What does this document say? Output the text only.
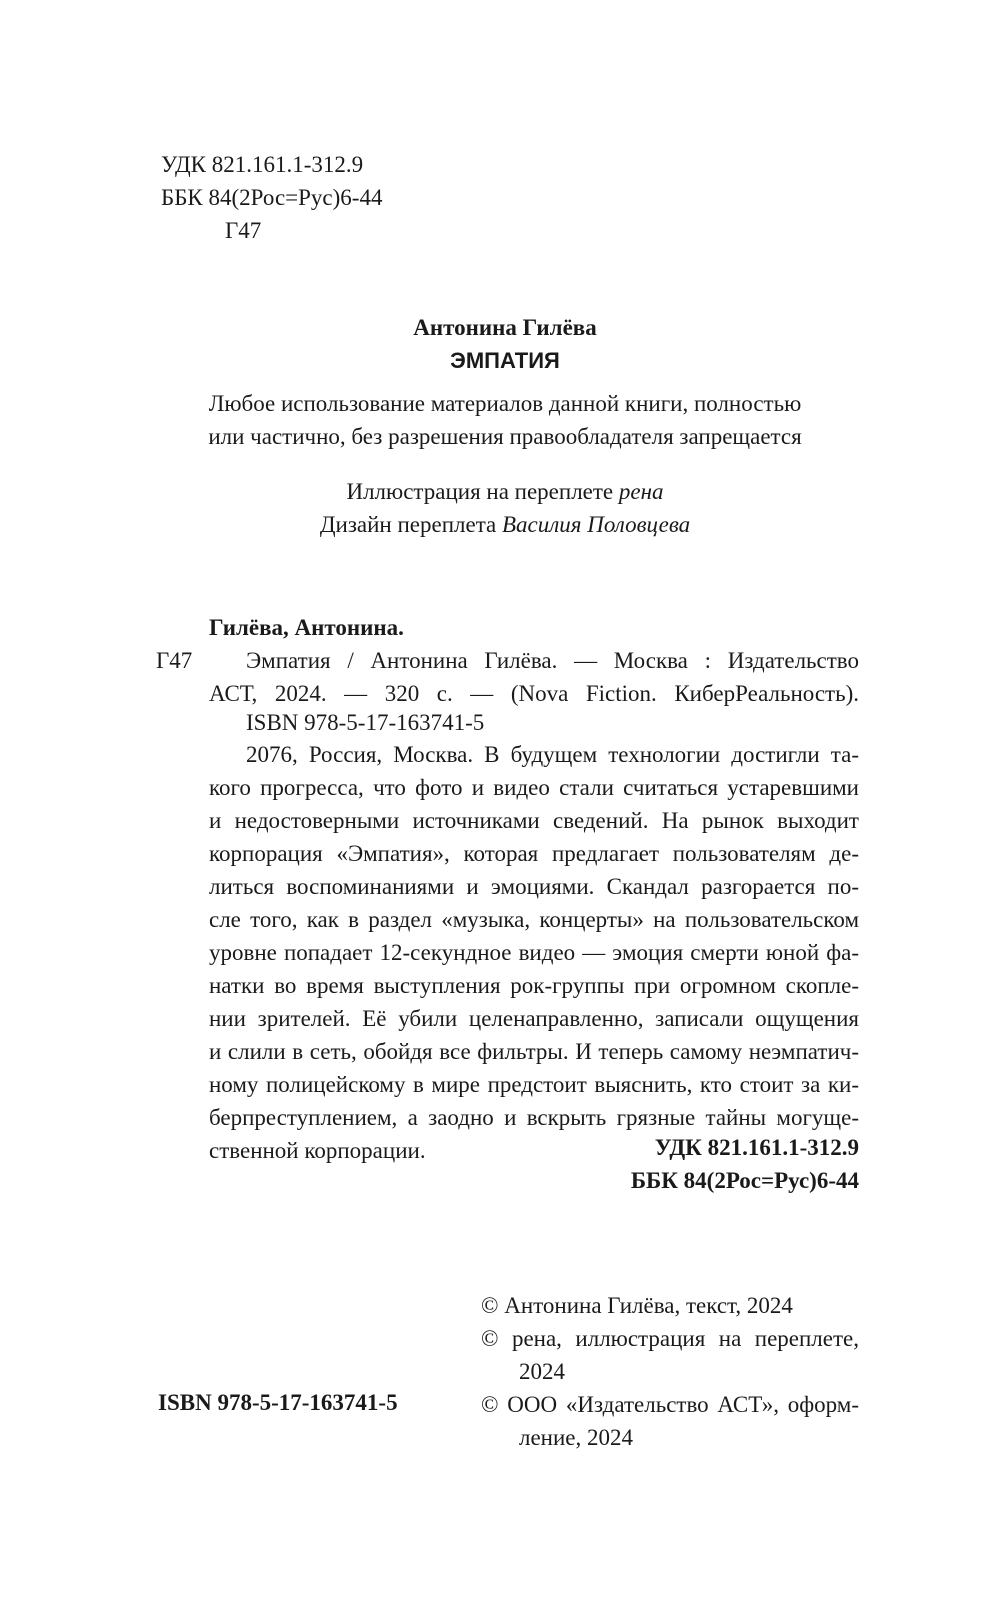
УДК 821.161.1-312.9
ББК 84(2Рос=Рус)6-44
Г47
Антонина Гилёва
ЭМПАТИЯ
Любое использование материалов данной книги, полностью
или частично, без разрешения правообладателя запрещается
Иллюстрация на переплете рена
Дизайн переплета Василия Половцева
Гилёва, Антонина.
Г47	Эмпатия / Антонина Гилёва. — Москва : Издательство
АСТ, 2024. — 320 с. — (Nova Fiction. КиберРеальность).
ISBN 978-5-17-163741-5
2076, Россия, Москва. В будущем технологии достигли та-
кого прогресса, что фото и видео стали считаться устаревшими
и недостоверными источниками сведений. На рынок выходит
корпорация «Эмпатия», которая предлагает пользователям де-
литься воспоминаниями и эмоциями. Скандал разгорается по-
сле того, как в раздел «музыка, концерты» на пользовательском
уровне попадает 12-секундное видео — эмоция смерти юной фа-
натки во время выступления рок-группы при огромном скопле-
нии зрителей. Её убили целенаправленно, записали ощущения
и слили в сеть, обойдя все фильтры. И теперь самому неэмпатич-
ному полицейскому в мире предстоит выяснить, кто стоит за ки-
берпреступлением, а заодно и вскрыть грязные тайны могуще-
ственной корпорации.	УДК 821.161.1-312.9
ББК 84(2Рос=Рус)6-44
ISBN 978-5-17-163741-5
© Антонина Гилёва, текст, 2024
© рена, иллюстрация на переплете,
2024
© ООО «Издательство АСТ», оформ-
ление, 2024
